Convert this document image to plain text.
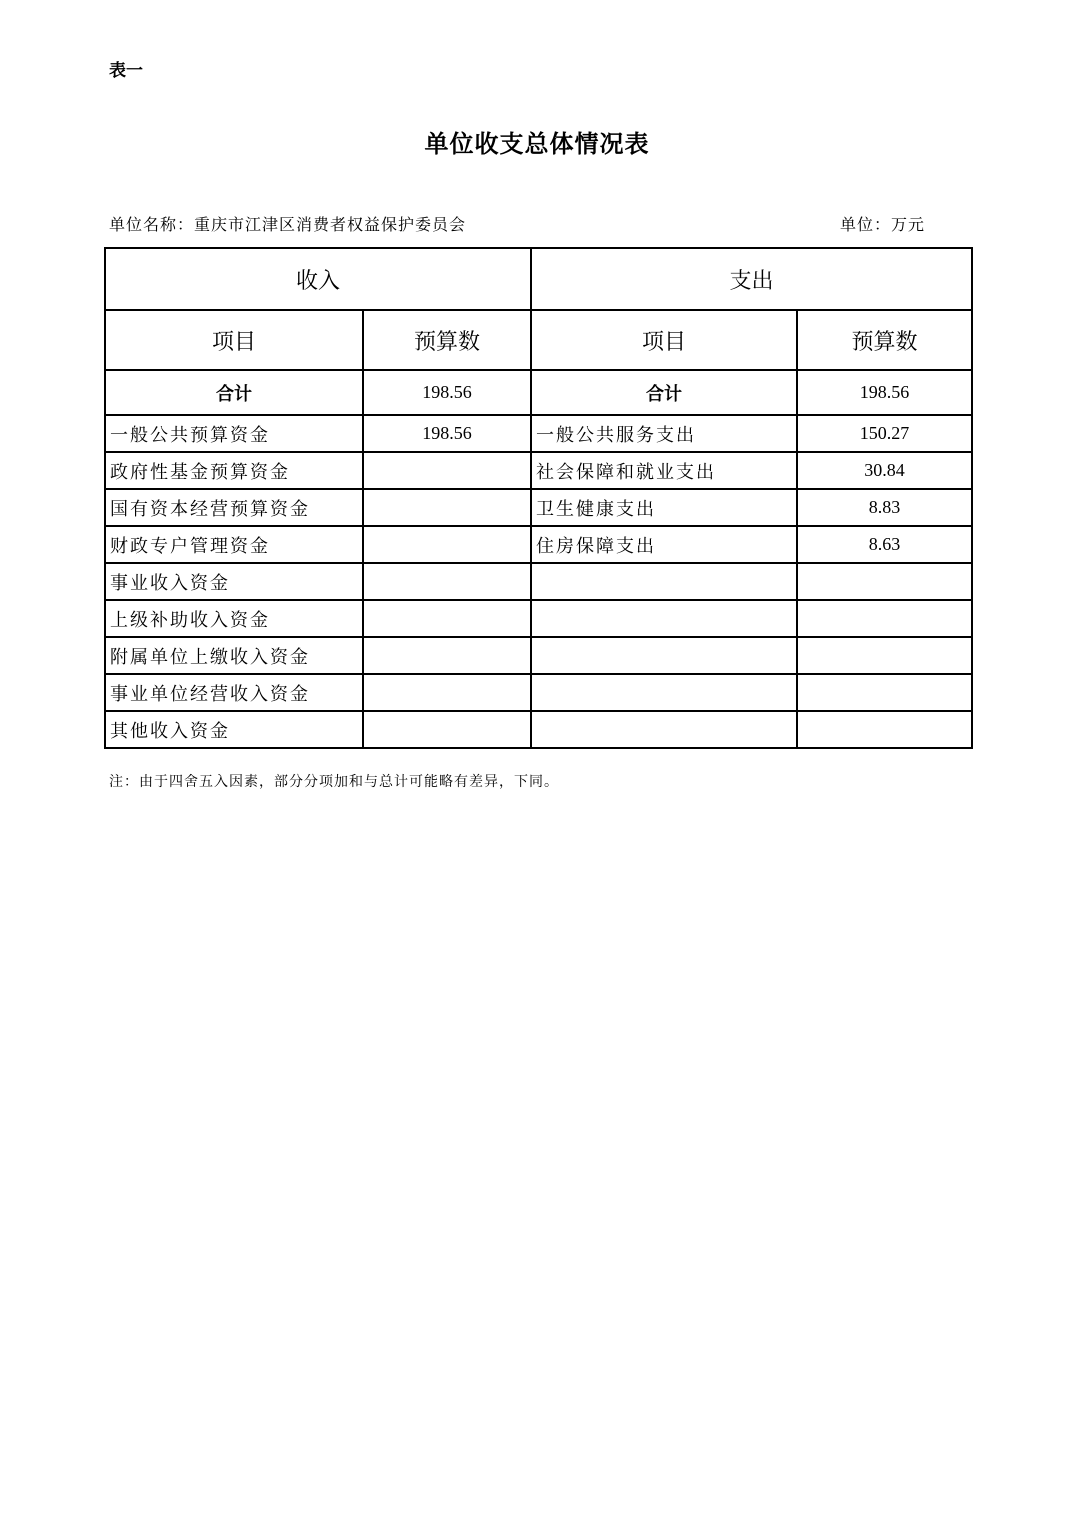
表一
单位收支总体情况表
单位名称：重庆市江津区消费者权益保护委员会	单位：万元
收入		支出	
项目	预算数	项目	预算数
合计	198.56	合计	198.56
一般公共预算资金	198.56	一般公共服务支出	150.27
政府性基金预算资金		社会保障和就业支出	30.84
国有资本经营预算资金		卫生健康支出	8.83
财政专户管理资金		住房保障支出	8.63
事业收入资金			
上级补助收入资金			
附属单位上缴收入资金			
事业单位经营收入资金			
其他收入资金			
注：由于四舍五入因素，部分分项加和与总计可能略有差异，下同。
